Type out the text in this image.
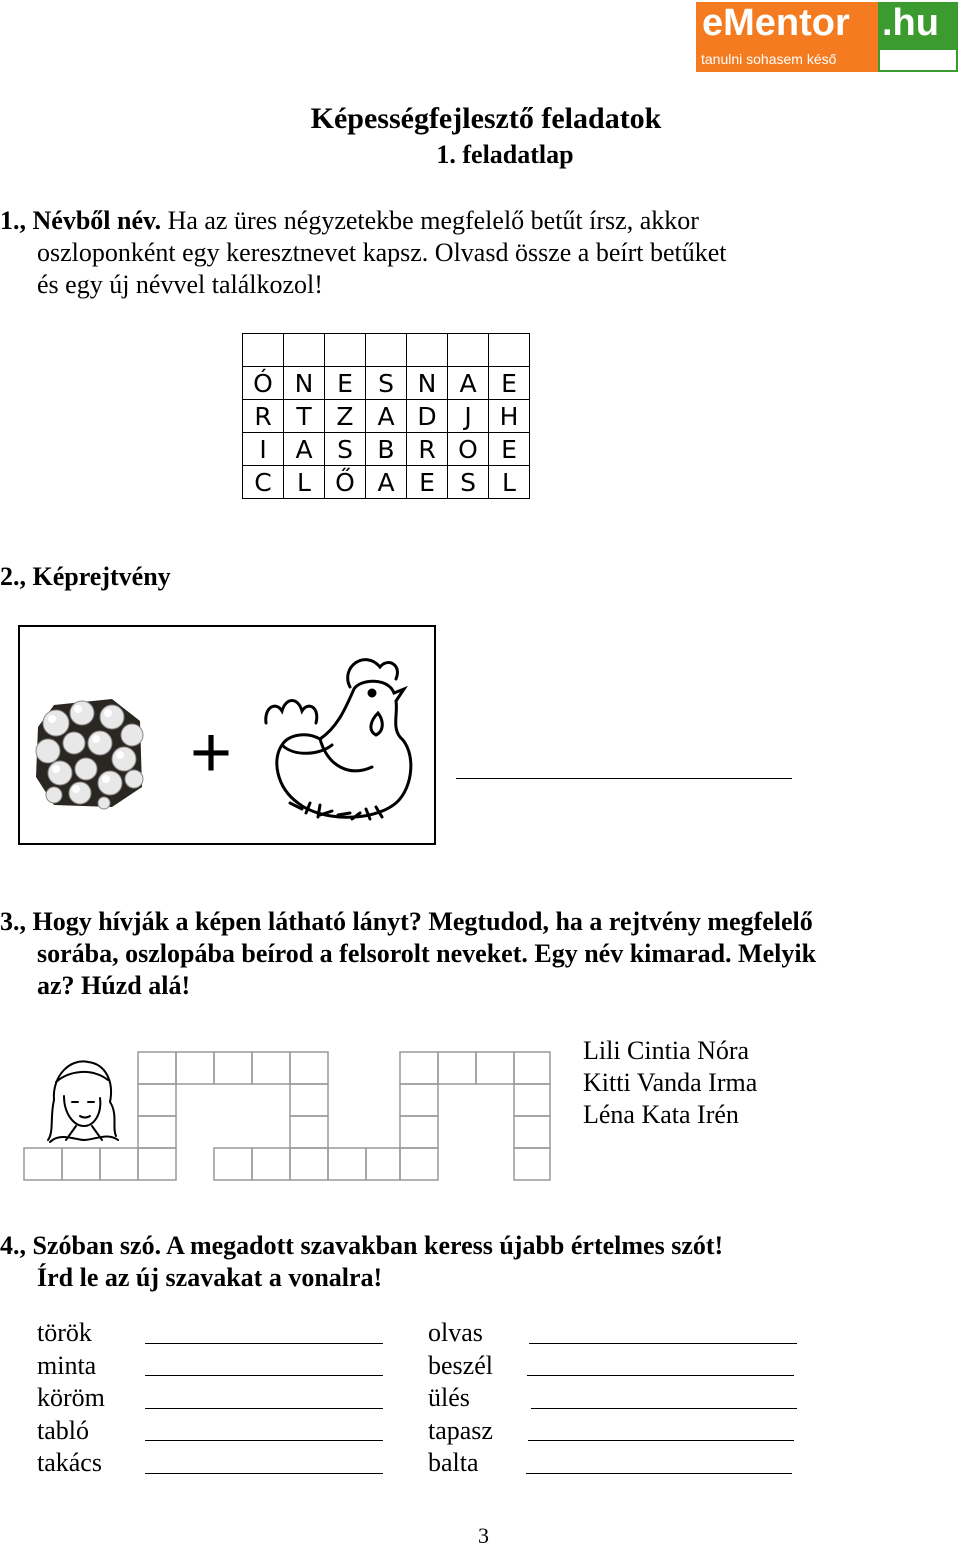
eMentor .hu
tanulni sohasem késő
Képességfejlesztő feladatok
1. feladatlap
1., Névből név. Ha az üres négyzetekbe megfelelő betűt írsz, akkor
oszloponként egy keresztnevet kapsz. Olvasd össze a beírt betűket
és egy új névvel találkozol!

Ó	N	E	S	N	A	E
R	T	Z	A	D	J	H
I	A	S	B	R	O	E
C	L	Ő	A	E	S	L
2., Képrejtvény
+
3., Hogy hívják a képen látható lányt? Megtudod, ha a rejtvény megfelelő
sorába, oszlopába beírod a felsorolt neveket. Egy név kimarad. Melyik
az? Húzd alá!
Lili Cintia Nóra
Kitti Vanda Irma
Léna Kata Irén
4., Szóban szó. A megadott szavakban keress újabb értelmes szót!
Írd le az új szavakat a vonalra!
török
minta
köröm
tabló
takács
olvas
beszél
ülés
tapasz
balta
3
